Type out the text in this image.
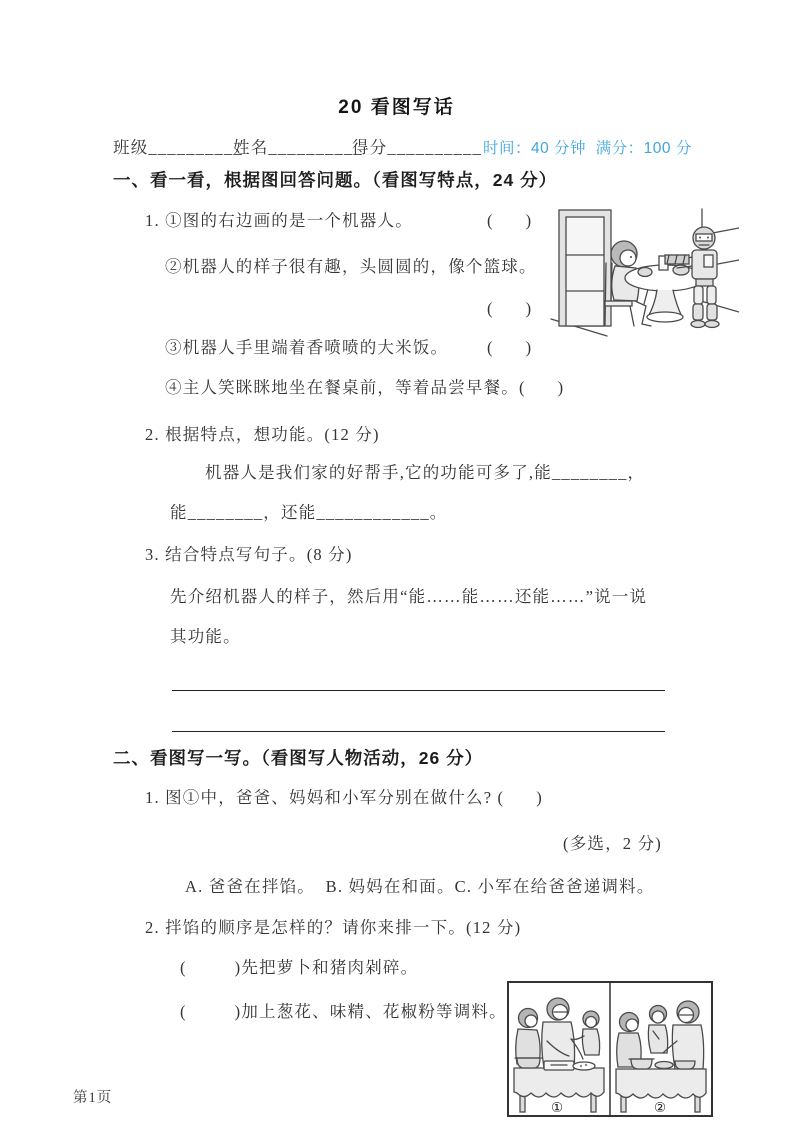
20 看图写话
班级__________
姓名__________
得分__________ 时间：40 分钟  满分：100 分
一、看一看，根据图回答问题。（看图写特点，24 分）
1. ①图的右边画的是一个机器人。	(      )
②机器人的样子很有趣，头圆圆的，像个篮球。
(      )
③机器人手里端着香喷喷的大米饭。 (      )
④主人笑眯眯地坐在餐桌前，等着品尝早餐。(      )
2. 根据特点，想功能。(12 分)
机器人是我们家的好帮手,它的功能可多了,能________，
能________，还能____________。
3. 结合特点写句子。(8 分)
先介绍机器人的样子，然后用“能……能……还能……”说一说
其功能。
二、看图写一写。（看图写人物活动，26 分）
1. 图①中，爸爸、妈妈和小军分别在做什么? (      )
(多选，2 分)
A. 爸爸在拌馅。  B. 妈妈在和面。C. 小军在给爸爸递调料。
2. 拌馅的顺序是怎样的？请你来排一下。(12 分)
(         )先把萝卜和猪肉剁碎。
(         )加上葱花、味精、花椒粉等调料。
①	②
第1页
